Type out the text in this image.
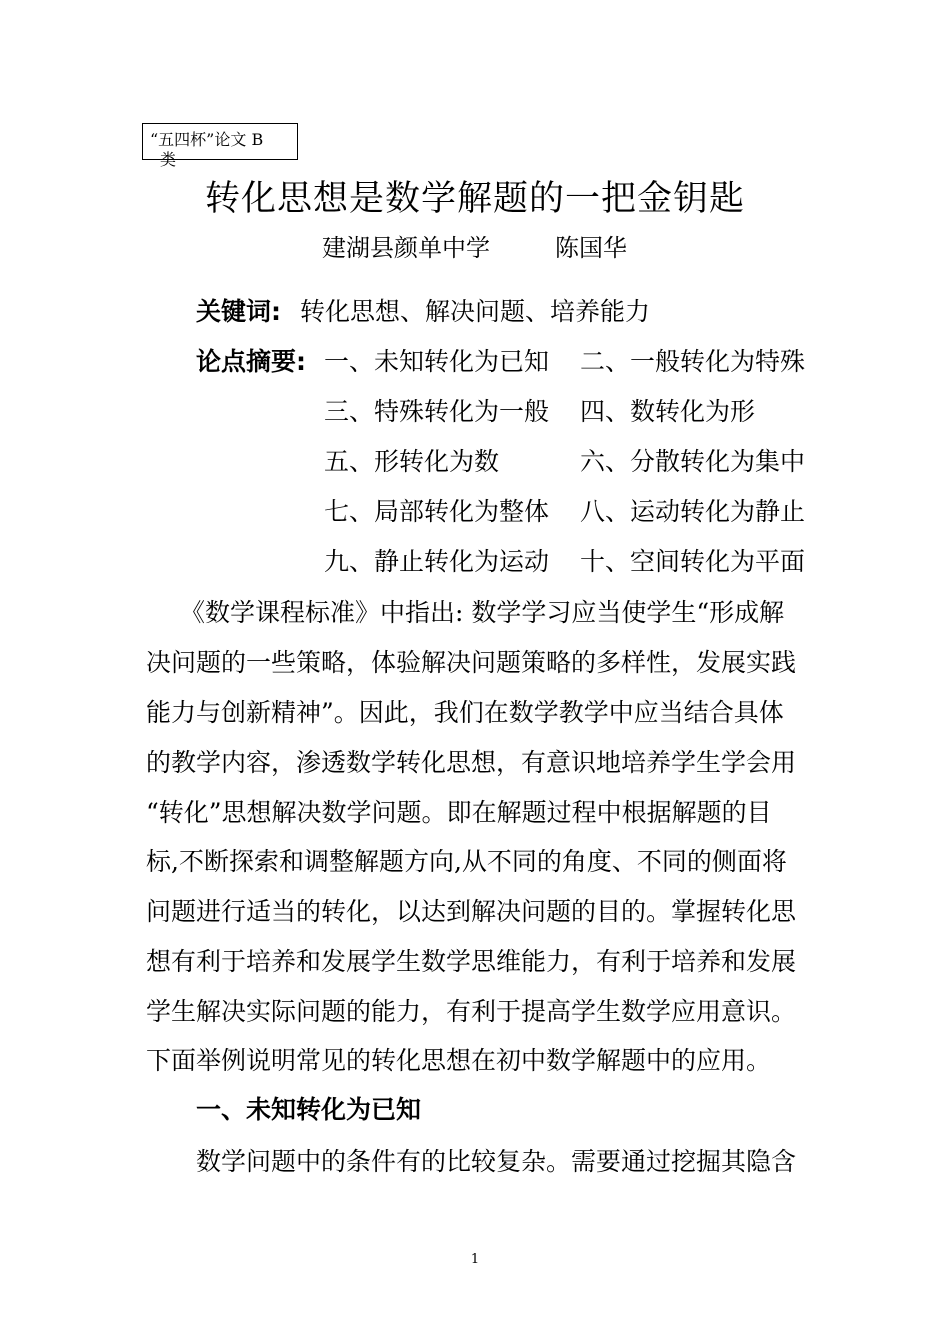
“五四杯”论文 B
类
转化思想是数学解题的一把金钥匙
建湖县颜单中学	陈国华
关键词: 转化思想、解决问题、培养能力
论点摘要: 一、未知转化为已知 二、一般转化为特殊
三、特殊转化为一般 四、数转化为形
五、形转化为数	六、分散转化为集中
七、局部转化为整体 八、运动转化为静止
九、静止转化为运动 十、空间转化为平面
《数学课程标准》中指出: 数学学习应当使学生“形成解
决问题的一些策略，体验解决问题策略的多样性，发展实践
能力与创新精神”。因此，我们在数学教学中应当结合具体
的教学内容，渗透数学转化思想，有意识地培养学生学会用
“转化”思想解决数学问题。即在解题过程中根据解题的目
标,不断探索和调整解题方向,从不同的角度、不同的侧面将
问题进行适当的转化，以达到解决问题的目的。掌握转化思
想有利于培养和发展学生数学思维能力，有利于培养和发展
学生解决实际问题的能力，有利于提高学生数学应用意识。
下面举例说明常见的转化思想在初中数学解题中的应用。
一、未知转化为已知
数学问题中的条件有的比较复杂。需要通过挖掘其隐含
1
